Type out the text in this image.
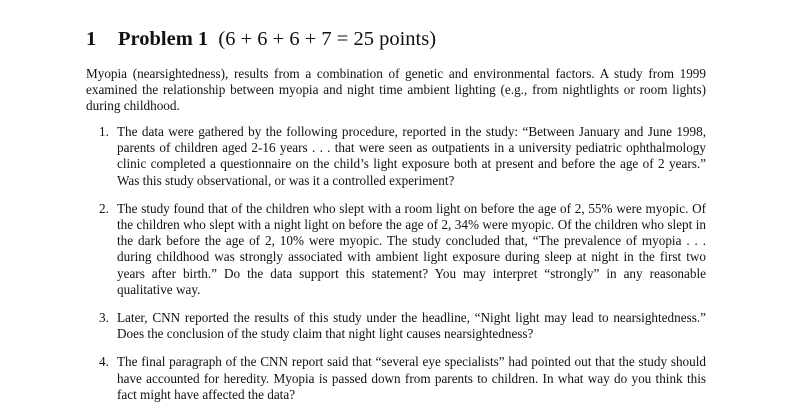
1 Problem 1 (6 + 6 + 6 + 7 = 25 points)

Myopia (nearsightedness), results from a combination of genetic and environmental factors. A study from 1999 examined the relationship between myopia and night time ambient lighting (e.g., from nightlights or room lights) during childhood.

1. The data were gathered by the following procedure, reported in the study: “Between January and June 1998, parents of children aged 2-16 years . . . that were seen as outpatients in a university pediatric ophthalmology clinic completed a questionnaire on the child’s light exposure both at present and before the age of 2 years.” Was this study observational, or was it a controlled experiment?
2. The study found that of the children who slept with a room light on before the age of 2, 55% were myopic. Of the children who slept with a night light on before the age of 2, 34% were myopic. Of the children who slept in the dark before the age of 2, 10% were myopic. The study concluded that, “The prevalence of myopia . . . during childhood was strongly associated with ambient light exposure during sleep at night in the first two years after birth.” Do the data support this statement? You may interpret “strongly” in any reasonable qualitative way.
3. Later, CNN reported the results of this study under the headline, “Night light may lead to nearsightedness.” Does the conclusion of the study claim that night light causes nearsightedness?
4. The final paragraph of the CNN report said that “several eye specialists” had pointed out that the study should have accounted for heredity. Myopia is passed down from parents to children. In what way do you think this fact might have affected the data?
